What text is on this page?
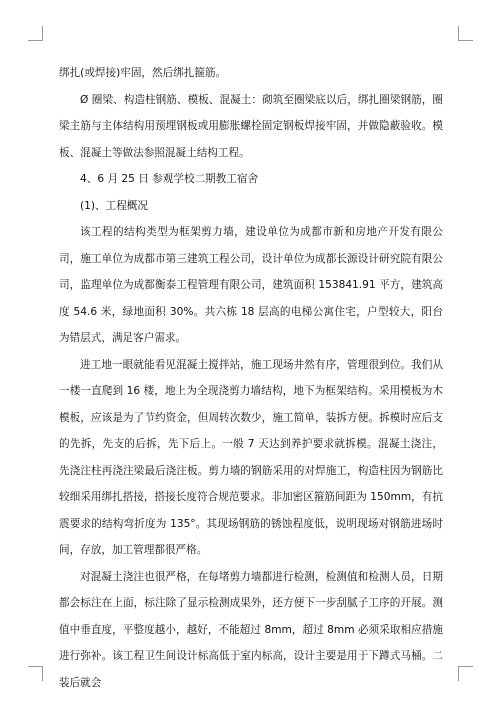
绑扎(或焊接)牢固，然后绑扎箍筋。

Ø 圈梁、构造柱钢筋、模板、混凝土：砌筑至圈梁底以后，绑扎圈梁钢筋，圈梁主筋与主体结构用预埋钢板或用膨胀螺栓固定钢板焊接牢固，并做隐蔽验收。模板、混凝土等做法参照混凝土结构工程。

4、6 月 25 日 参观学校二期教工宿舍

(1)、工程概况

该工程的结构类型为框架剪力墙，建设单位为成都市新和房地产开发有限公司，施工单位为成都市第三建筑工程公司，设计单位为成都长源设计研究院有限公司，监理单位为成都衡泰工程管理有限公司，建筑面积 153841.91 平方，建筑高度 54.6 米，绿地面积 30%。共六栋 18 层高的电梯公寓住宅，户型较大，阳台为错层式，满足客户需求。

进工地一眼就能看见混凝土搅拌站，施工现场井然有序，管理很到位。我们从一楼一直爬到 16 楼，地上为全现浇剪力墙结构，地下为框架结构。采用模板为木模板，应该是为了节约资金，但周转次数少，施工简单，装拆方便。拆模时应后支的先拆，先支的后拆，先下后上。一般 7 天达到养护要求就拆模。混凝土浇注，先浇注柱再浇注梁最后浇注板。剪力墙的钢筋采用的对焊施工，构造柱因为钢筋比较细采用绑扎搭接，搭接长度符合规范要求。非加密区箍筋间距为 150mm，有抗震要求的结构弯折度为 135°。其现场钢筋的锈蚀程度低，说明现场对钢筋进场时间，存放，加工管理都很严格。

对混凝土浇注也很严格，在每堵剪力墙都进行检测，检测值和检测人员，日期都会标注在上面，标注除了显示检测成果外，还方便下一步刮腻子工序的开展。测值中垂直度，平整度越小，越好，不能超过 8mm，超过 8mm 必须采取相应措施进行弥补。该工程卫生间设计标高低于室内标高，设计主要是用于下蹲式马桶。二装后就会
